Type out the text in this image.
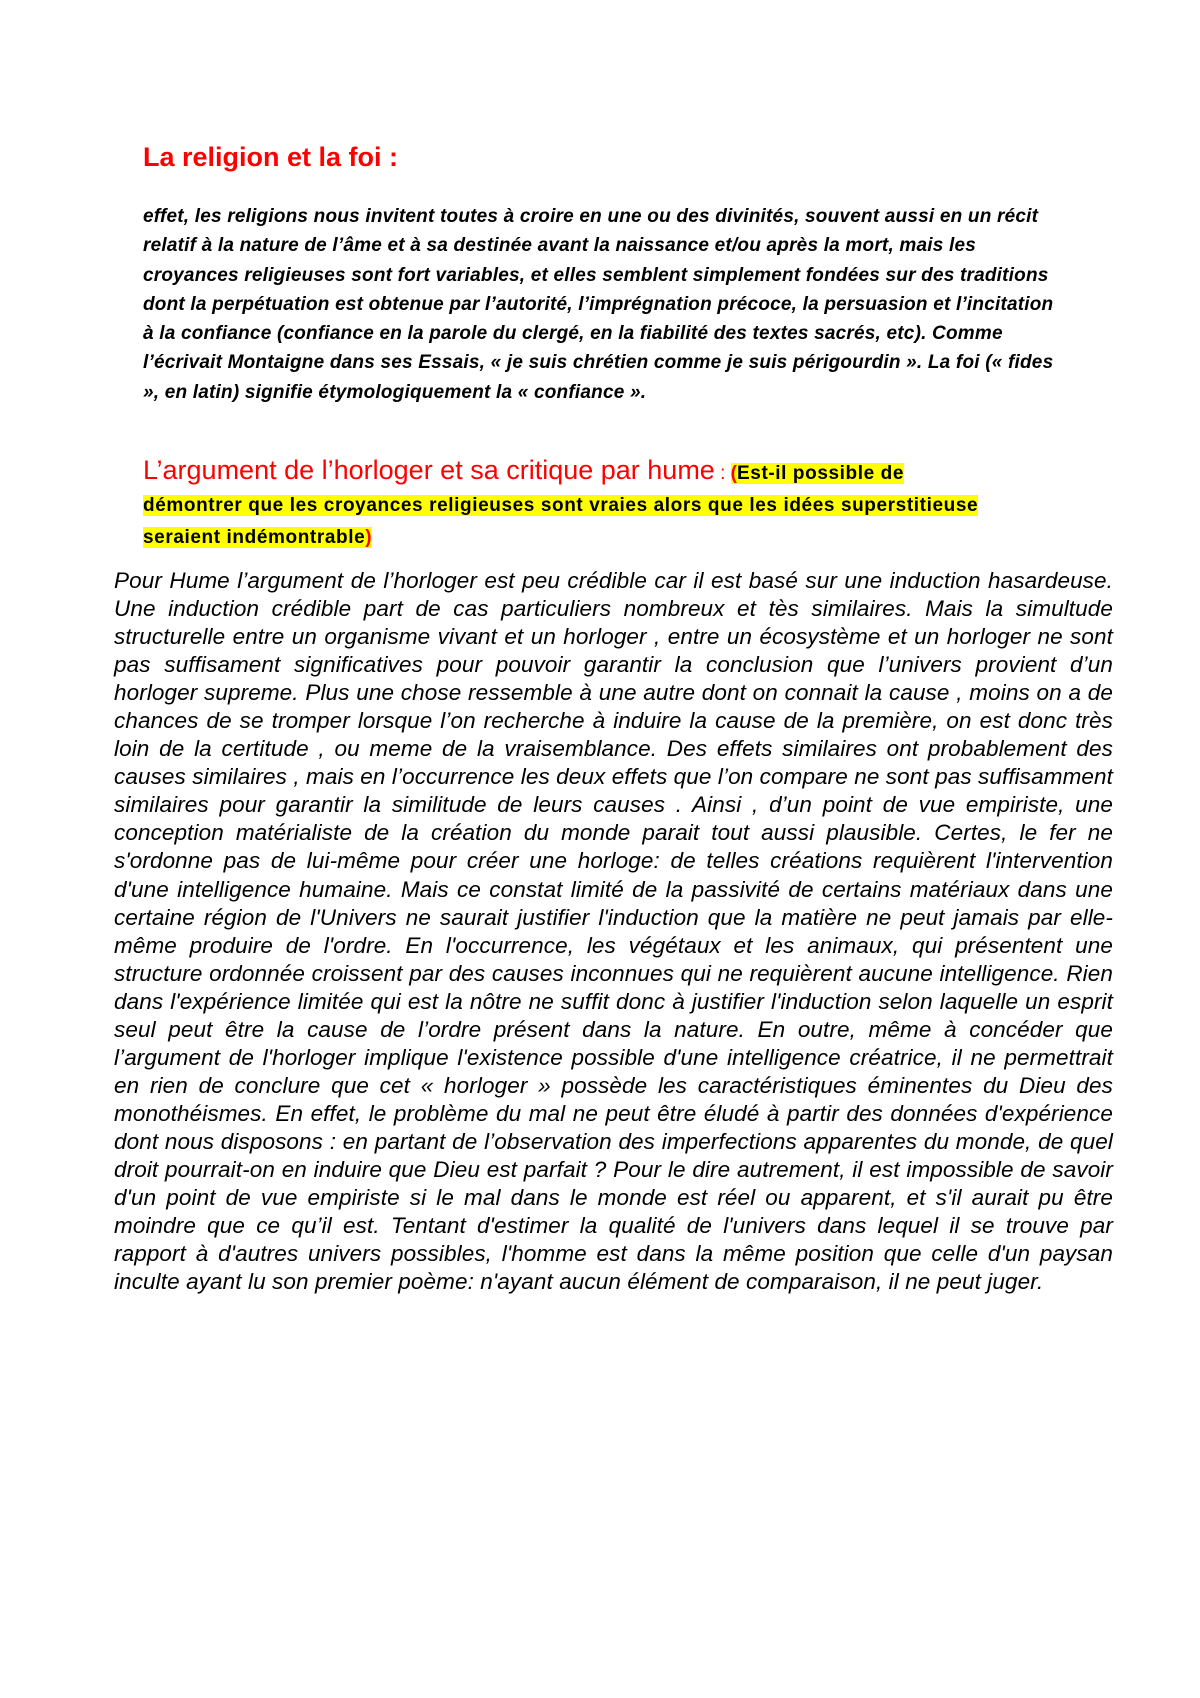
La religion et la foi :

effet, les religions nous invitent toutes à croire en une ou des divinités, souvent aussi en un récit relatif à la nature de l’âme et à sa destinée avant la naissance et/ou après la mort, mais les croyances religieuses sont fort variables, et elles semblent simplement fondées sur des traditions dont la perpétuation est obtenue par l’autorité, l’imprégnation précoce, la persuasion et l’incitation à la confiance (confiance en la parole du clergé, en la fiabilité des textes sacrés, etc). Comme l’écrivait Montaigne dans ses Essais, « je suis chrétien comme je suis périgourdin ». La foi (« fides », en latin) signifie étymologiquement la « confiance ».

L’argument de l’horloger et sa critique par hume : (Est-il possible de démontrer que les croyances religieuses sont vraies alors que les idées superstitieuse seraient indémontrable)

Pour Hume l’argument de l’horloger est peu crédible car il est basé sur une induction hasardeuse. Une induction crédible part de cas particuliers nombreux et tès similaires. Mais la simultude structurelle entre un organisme vivant et un horloger , entre un écosystème et un horloger ne sont pas suffisament significatives pour pouvoir garantir la conclusion que l’univers provient d’un horloger supreme. Plus une chose ressemble à une autre dont on connait la cause , moins on a de chances de se tromper lorsque l’on recherche à induire la cause de la première, on est donc très loin de la certitude , ou meme de la vraisemblance. Des effets similaires ont probablement des causes similaires , mais en l’occurrence les deux effets que l’on compare ne sont pas suffisamment similaires pour garantir la similitude de leurs causes . Ainsi , d’un point de vue empiriste, une conception matérialiste de la création du monde parait tout aussi plausible. Certes, le fer ne s'ordonne pas de lui-même pour créer une horloge: de telles créations requièrent l'intervention d'une intelligence humaine. Mais ce constat limité de la passivité de certains matériaux dans une certaine région de l'Univers ne saurait justifier l'induction que la matière ne peut jamais par elle-même produire de l'ordre. En l'occurrence, les végétaux et les animaux, qui présentent une structure ordonnée croissent par des causes inconnues qui ne requièrent aucune intelligence. Rien dans l'expérience limitée qui est la nôtre ne suffit donc à justifier l'induction selon laquelle un esprit seul peut être la cause de l’ordre présent dans la nature. En outre, même à concéder que l’argument de l'horloger implique l'existence possible d'une intelligence créatrice, il ne permettrait en rien de conclure que cet « horloger » possède les caractéristiques éminentes du Dieu des monothéismes. En effet, le problème du mal ne peut être éludé à partir des données d'expérience dont nous disposons : en partant de l’observation des imperfections apparentes du monde, de quel droit pourrait-on en induire que Dieu est parfait ? Pour le dire autrement, il est impossible de savoir d'un point de vue empiriste si le mal dans le monde est réel ou apparent, et s'il aurait pu être moindre que ce qu’il est. Tentant d'estimer la qualité de l'univers dans lequel il se trouve par rapport à d'autres univers possibles, l'homme est dans la même position que celle d'un paysan inculte ayant lu son premier poème: n'ayant aucun élément de comparaison, il ne peut juger.
